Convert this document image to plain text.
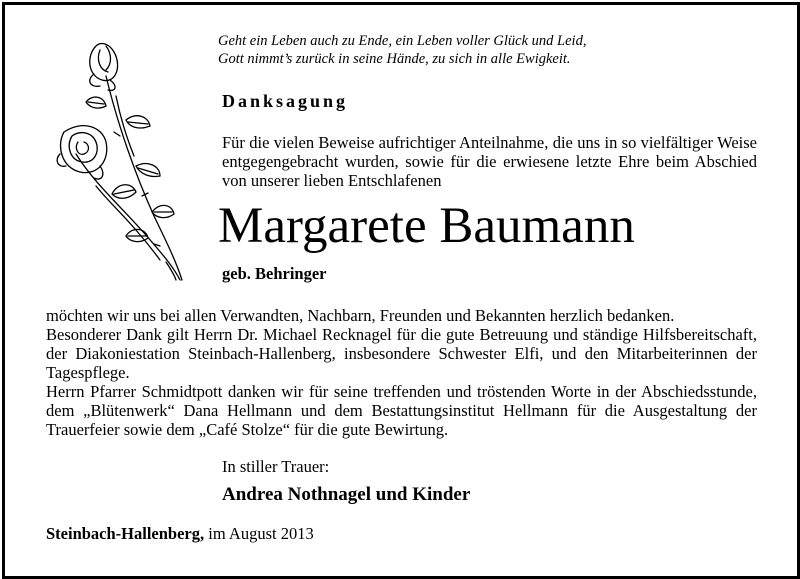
Geht ein Leben auch zu Ende, ein Leben voller Glück und Leid,
Gott nimmt’s zurück in seine Hände, zu sich in alle Ewigkeit.

Danksagung

Für die vielen Beweise aufrichtiger Anteilnahme, die uns in so vielfältiger Weise entgegengebracht wurden, sowie für die erwiesene letzte Ehre beim Abschied von unserer lieben Entschlafenen

Margarete Baumann

geb. Behringer

möchten wir uns bei allen Verwandten, Nachbarn, Freunden und Bekannten herzlich bedanken.
Besonderer Dank gilt Herrn Dr. Michael Recknagel für die gute Betreuung und ständige Hilfsbereitschaft, der Diakoniestation Steinbach-Hallenberg, insbesondere Schwester Elfi, und den Mitarbeiterinnen der Tagespflege.
Herrn Pfarrer Schmidtpott danken wir für seine treffenden und tröstenden Worte in der Abschiedsstunde, dem „Blütenwerk“ Dana Hellmann und dem Bestattungsinstitut Hellmann für die Ausgestaltung der Trauerfeier sowie dem „Café Stolze“ für die gute Bewirtung.

In stiller Trauer:

Andrea Nothnagel und Kinder

Steinbach-Hallenberg, im August 2013
